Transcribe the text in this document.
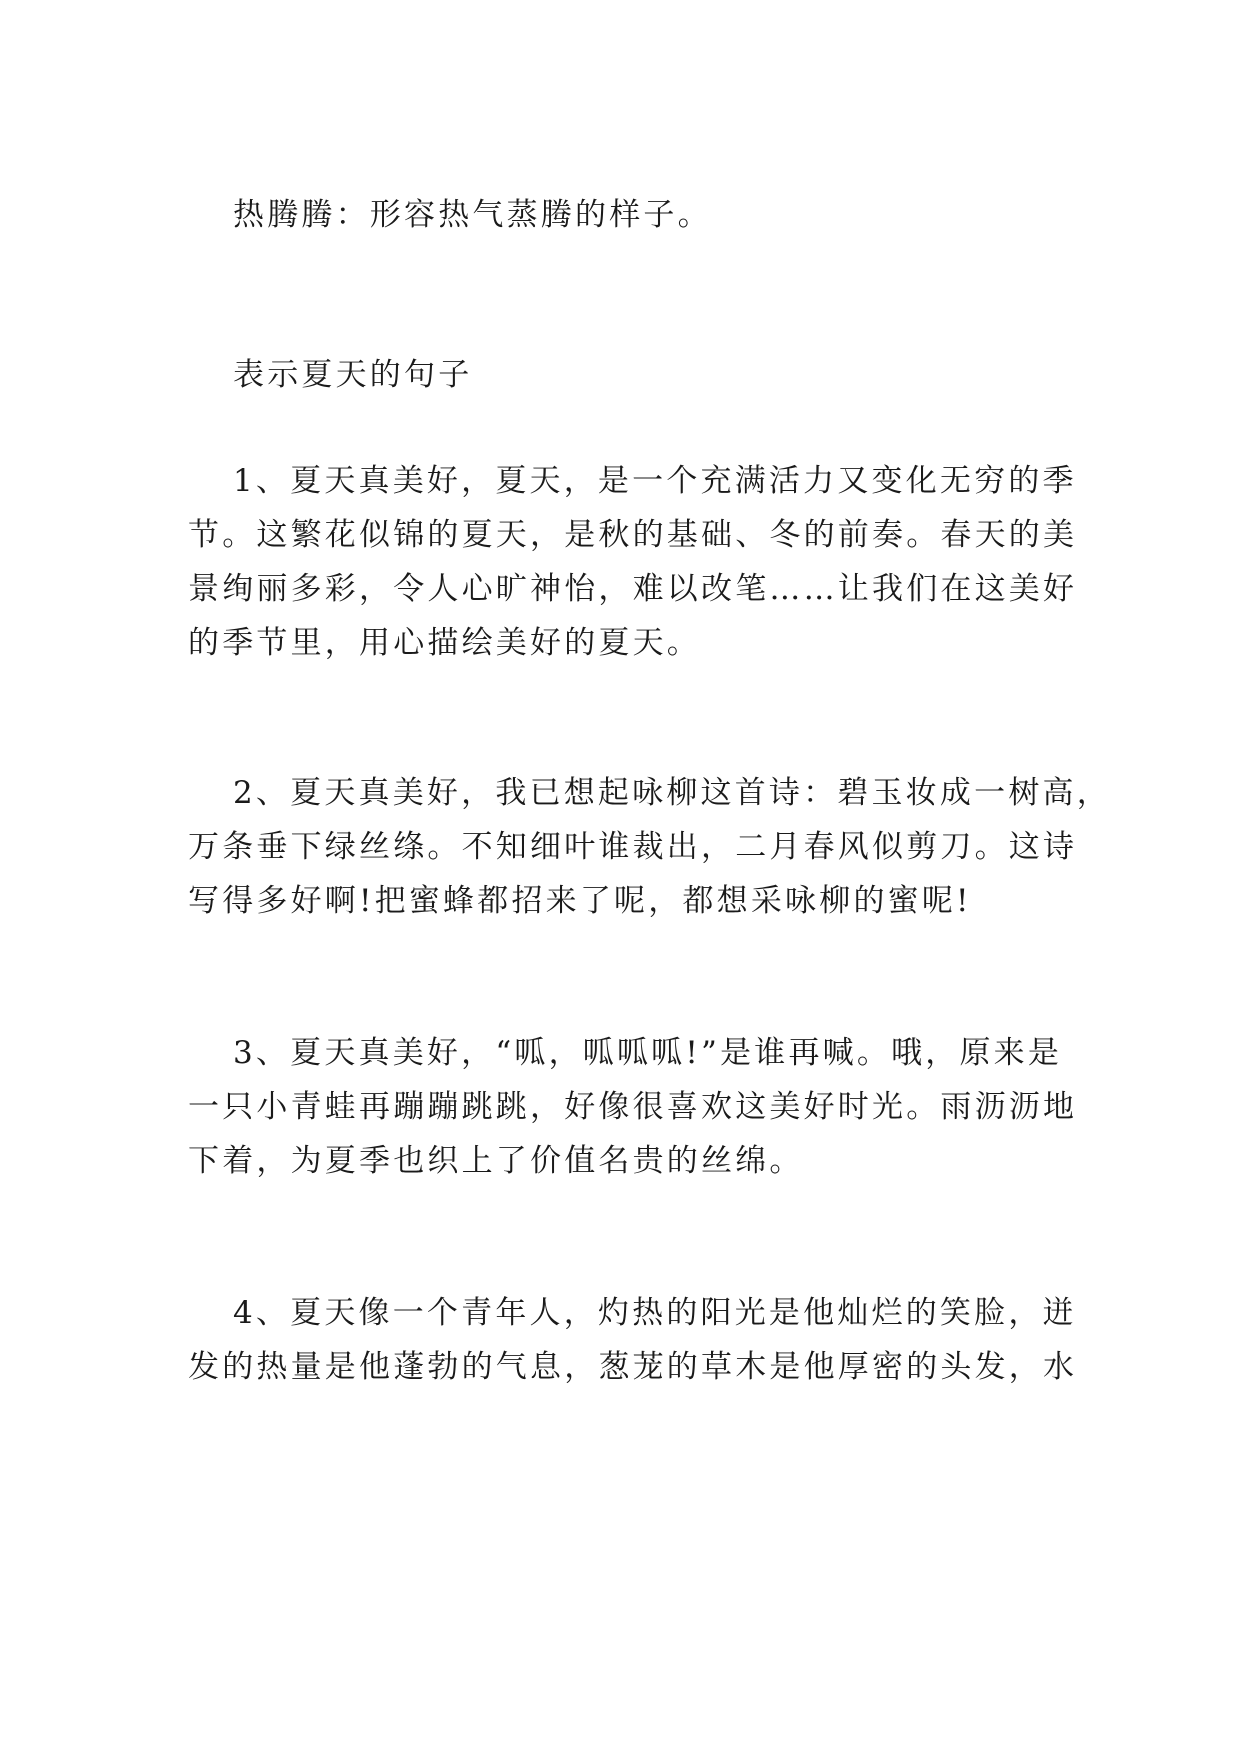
热腾腾：形容热气蒸腾的样子。
表示夏天的句子
1、夏天真美好，夏天，是一个充满活力又变化无穷的季
节。这繁花似锦的夏天，是秋的基础、冬的前奏。春天的美
景绚丽多彩，令人心旷神怡，难以改笔……让我们在这美好
的季节里，用心描绘美好的夏天。
2、夏天真美好，我已想起咏柳这首诗：碧玉妆成一树高，
万条垂下绿丝绦。不知细叶谁裁出，二月春风似剪刀。这诗
写得多好啊!把蜜蜂都招来了呢，都想采咏柳的蜜呢!
3、夏天真美好，“呱，呱呱呱!”是谁再喊。哦，原来是
一只小青蛙再蹦蹦跳跳，好像很喜欢这美好时光。雨沥沥地
下着，为夏季也织上了价值名贵的丝绵。
4、夏天像一个青年人，灼热的阳光是他灿烂的笑脸，迸
发的热量是他蓬勃的气息，葱茏的草木是他厚密的头发，水
